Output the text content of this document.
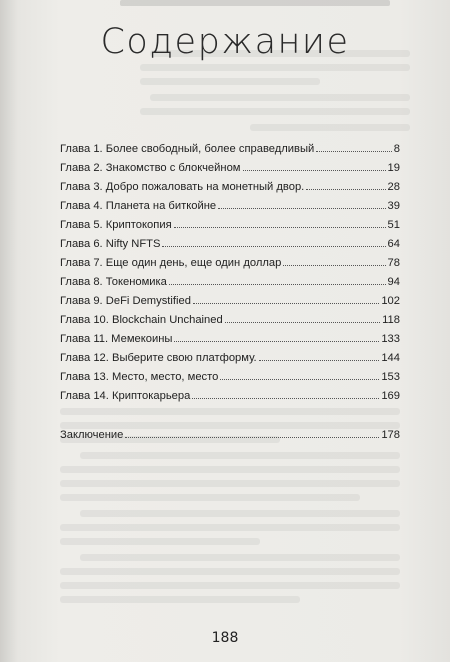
Содержание
Глава 1. Более свободный, более справедливый	8
Глава 2. Знакомство с блокчейном	19
Глава 3. Добро пожаловать на монетный двор.	28
Глава 4. Планета на биткойне	39
Глава 5. Криптокопия	51
Глава 6. Nifty NFTS	64
Глава 7. Еще один день, еще один доллар	78
Глава 8. Токеномика	94
Глава 9. DeFi Demystified	102
Глава 10. Blockchain Unchained	118
Глава 11. Мемекоины	133
Глава 12. Выберите свою платформу.	144
Глава 13. Место, место, место	153
Глава 14. Криптокарьера	169
Заключение	178
188
